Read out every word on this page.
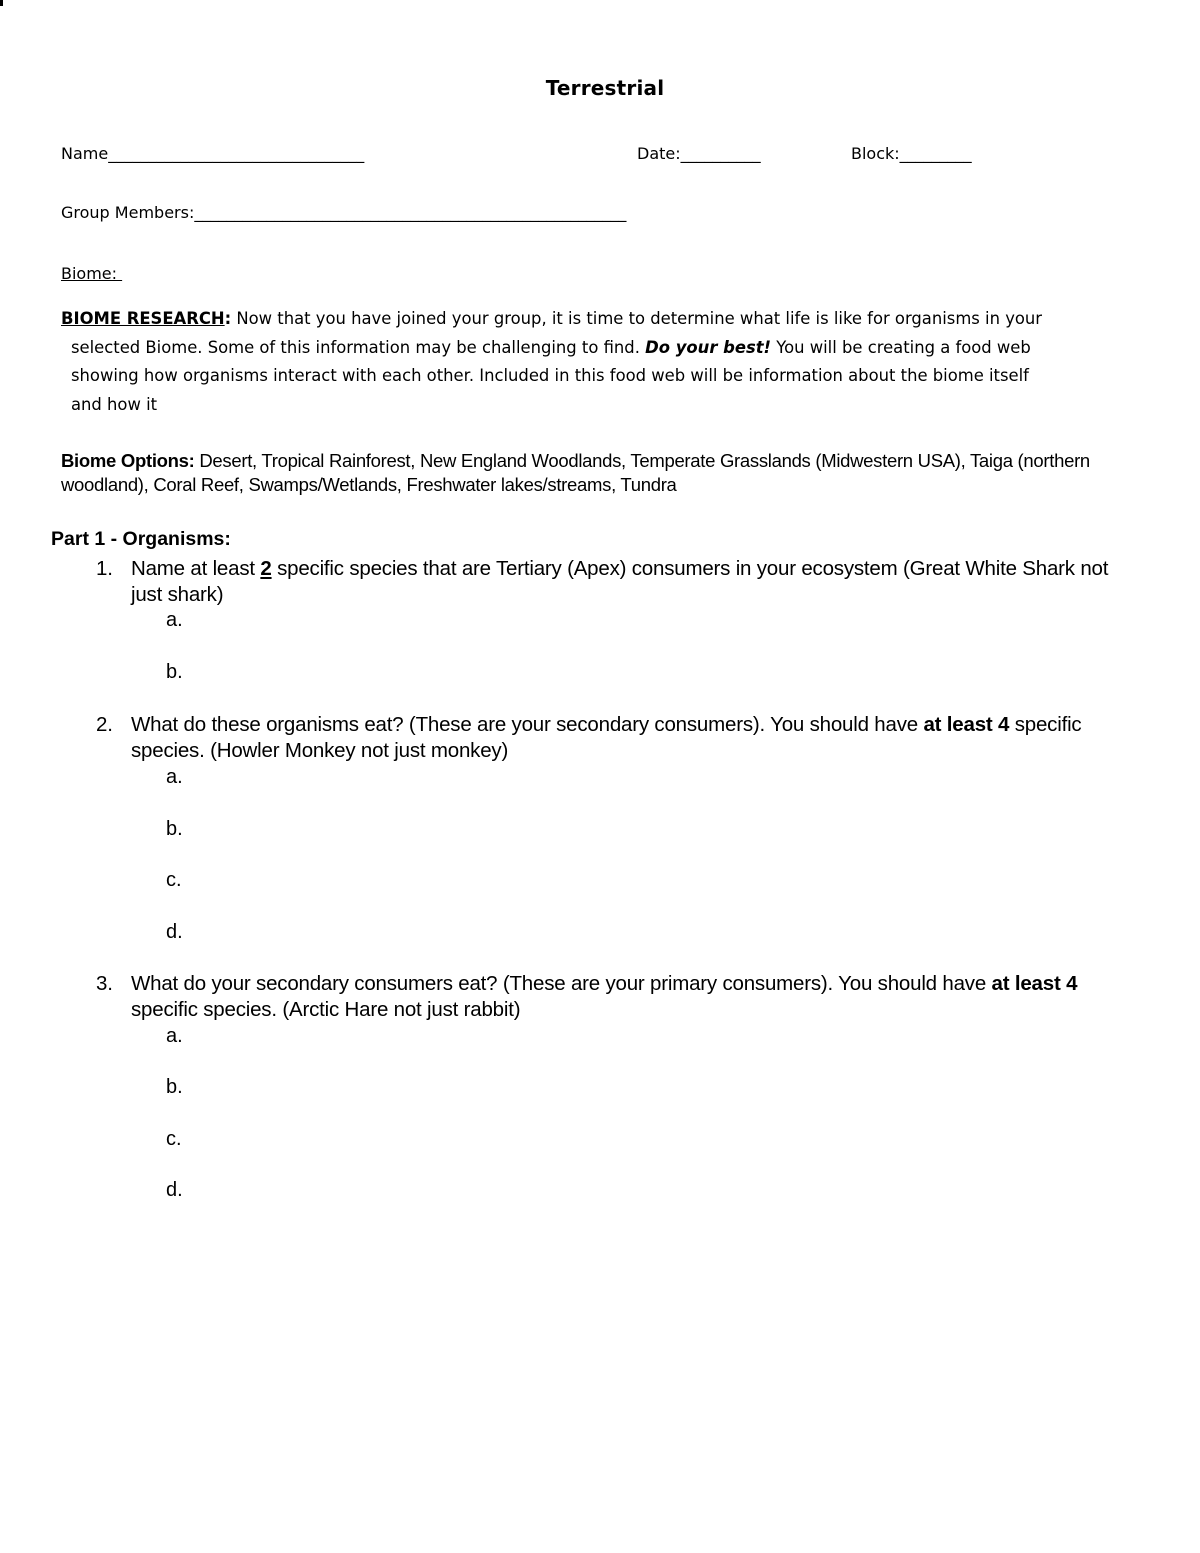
Terrestrial
Name________________________________	Date:__________	Block:_________
Group Members:______________________________________________________
Biome:
BIOME RESEARCH: Now that you have joined your group, it is time to determine what life is like for organisms in your
selected Biome. Some of this information may be challenging to find. Do your best! You will be creating a food web
showing how organisms interact with each other. Included in this food web will be information about the biome itself
and how it
Biome Options: Desert, Tropical Rainforest, New England Woodlands, Temperate Grasslands (Midwestern USA), Taiga (northern woodland), Coral Reef, Swamps/Wetlands, Freshwater lakes/streams, Tundra
Part 1 - Organisms:
1. Name at least 2 specific species that are Tertiary (Apex) consumers in your ecosystem (Great White Shark not just shark)
a.
b.
2. What do these organisms eat? (These are your secondary consumers). You should have at least 4 specific species. (Howler Monkey not just monkey)
a.
b.
c.
d.
3. What do your secondary consumers eat? (These are your primary consumers). You should have at least 4 specific species. (Arctic Hare not just rabbit)
a.
b.
c.
d.
